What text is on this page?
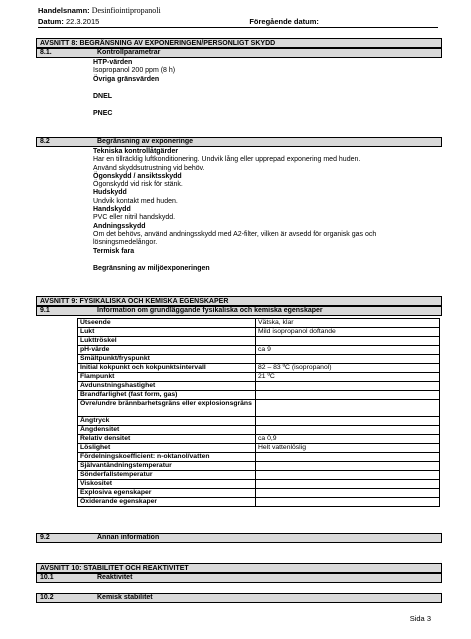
Handelsnamn: Desinfiointipropanoli
Datum:
22.3.2015	Föregående datum:
AVSNITT 8: BEGRÄNSNING AV EXPONERINGEN/PERSONLIGT SKYDD
8.1.	Kontrollparametrar
HTP-värden
Isopropanol 200 ppm (8 h)
Övriga gränsvärden
DNEL
PNEC
8.2	Begränsning av exponeringe
Tekniska kontrollåtgärder
Har en tillräcklig luftkonditionering. Undvik lång eller upprepad exponering med huden.
Använd skyddsutrustning vid behöv.
Ögonskydd / ansiktsskydd
Ögonskydd vid risk för stänk.
Hudskydd
Undvik kontakt med huden.
Handskydd
PVC eller nitril handskydd.
Andningsskydd
Om det behövs, använd andningsskydd med A2-filter, vilken är avsedd för organisk gas och
lösningsmedelångor.
Termisk fara
Begränsning av miljöexponeringen
AVSNITT 9: FYSIKALISKA OCH KEMISKA EGENSKAPER
9.1	Information om grundläggande fysikaliska och kemiska egenskaper
Utseende	Vätska, klar
Lukt	Mild isopropanol doftande
Lukttröskel	
pH-värde	ca 9
Smältpunkt/fryspunkt	
Initial kokpunkt och kokpunktsintervall	82 – 83 ºC (isopropanol)
Flampunkt	21 ºC
Avdunstningshastighet	
Brandfarlighet (fast form, gas)	
Övre/undre brännbarhetsgräns eller explosionsgräns	
Ångtryck	
Ångdensitet	
Relativ densitet	ca 0,9
Löslighet	Helt vattenlöslig
Fördelningskoefficient: n-oktanol/vatten	
Självantändningstemperatur	
Sönderfallstemperatur	
Viskositet	
Explosiva egenskaper	
Oxiderande egenskaper	
9.2	Annan information
AVSNITT 10: STABILITET OCH REAKTIVITET
10.1	Reaktivitet
10.2	Kemisk stabilitet
Sida 3
